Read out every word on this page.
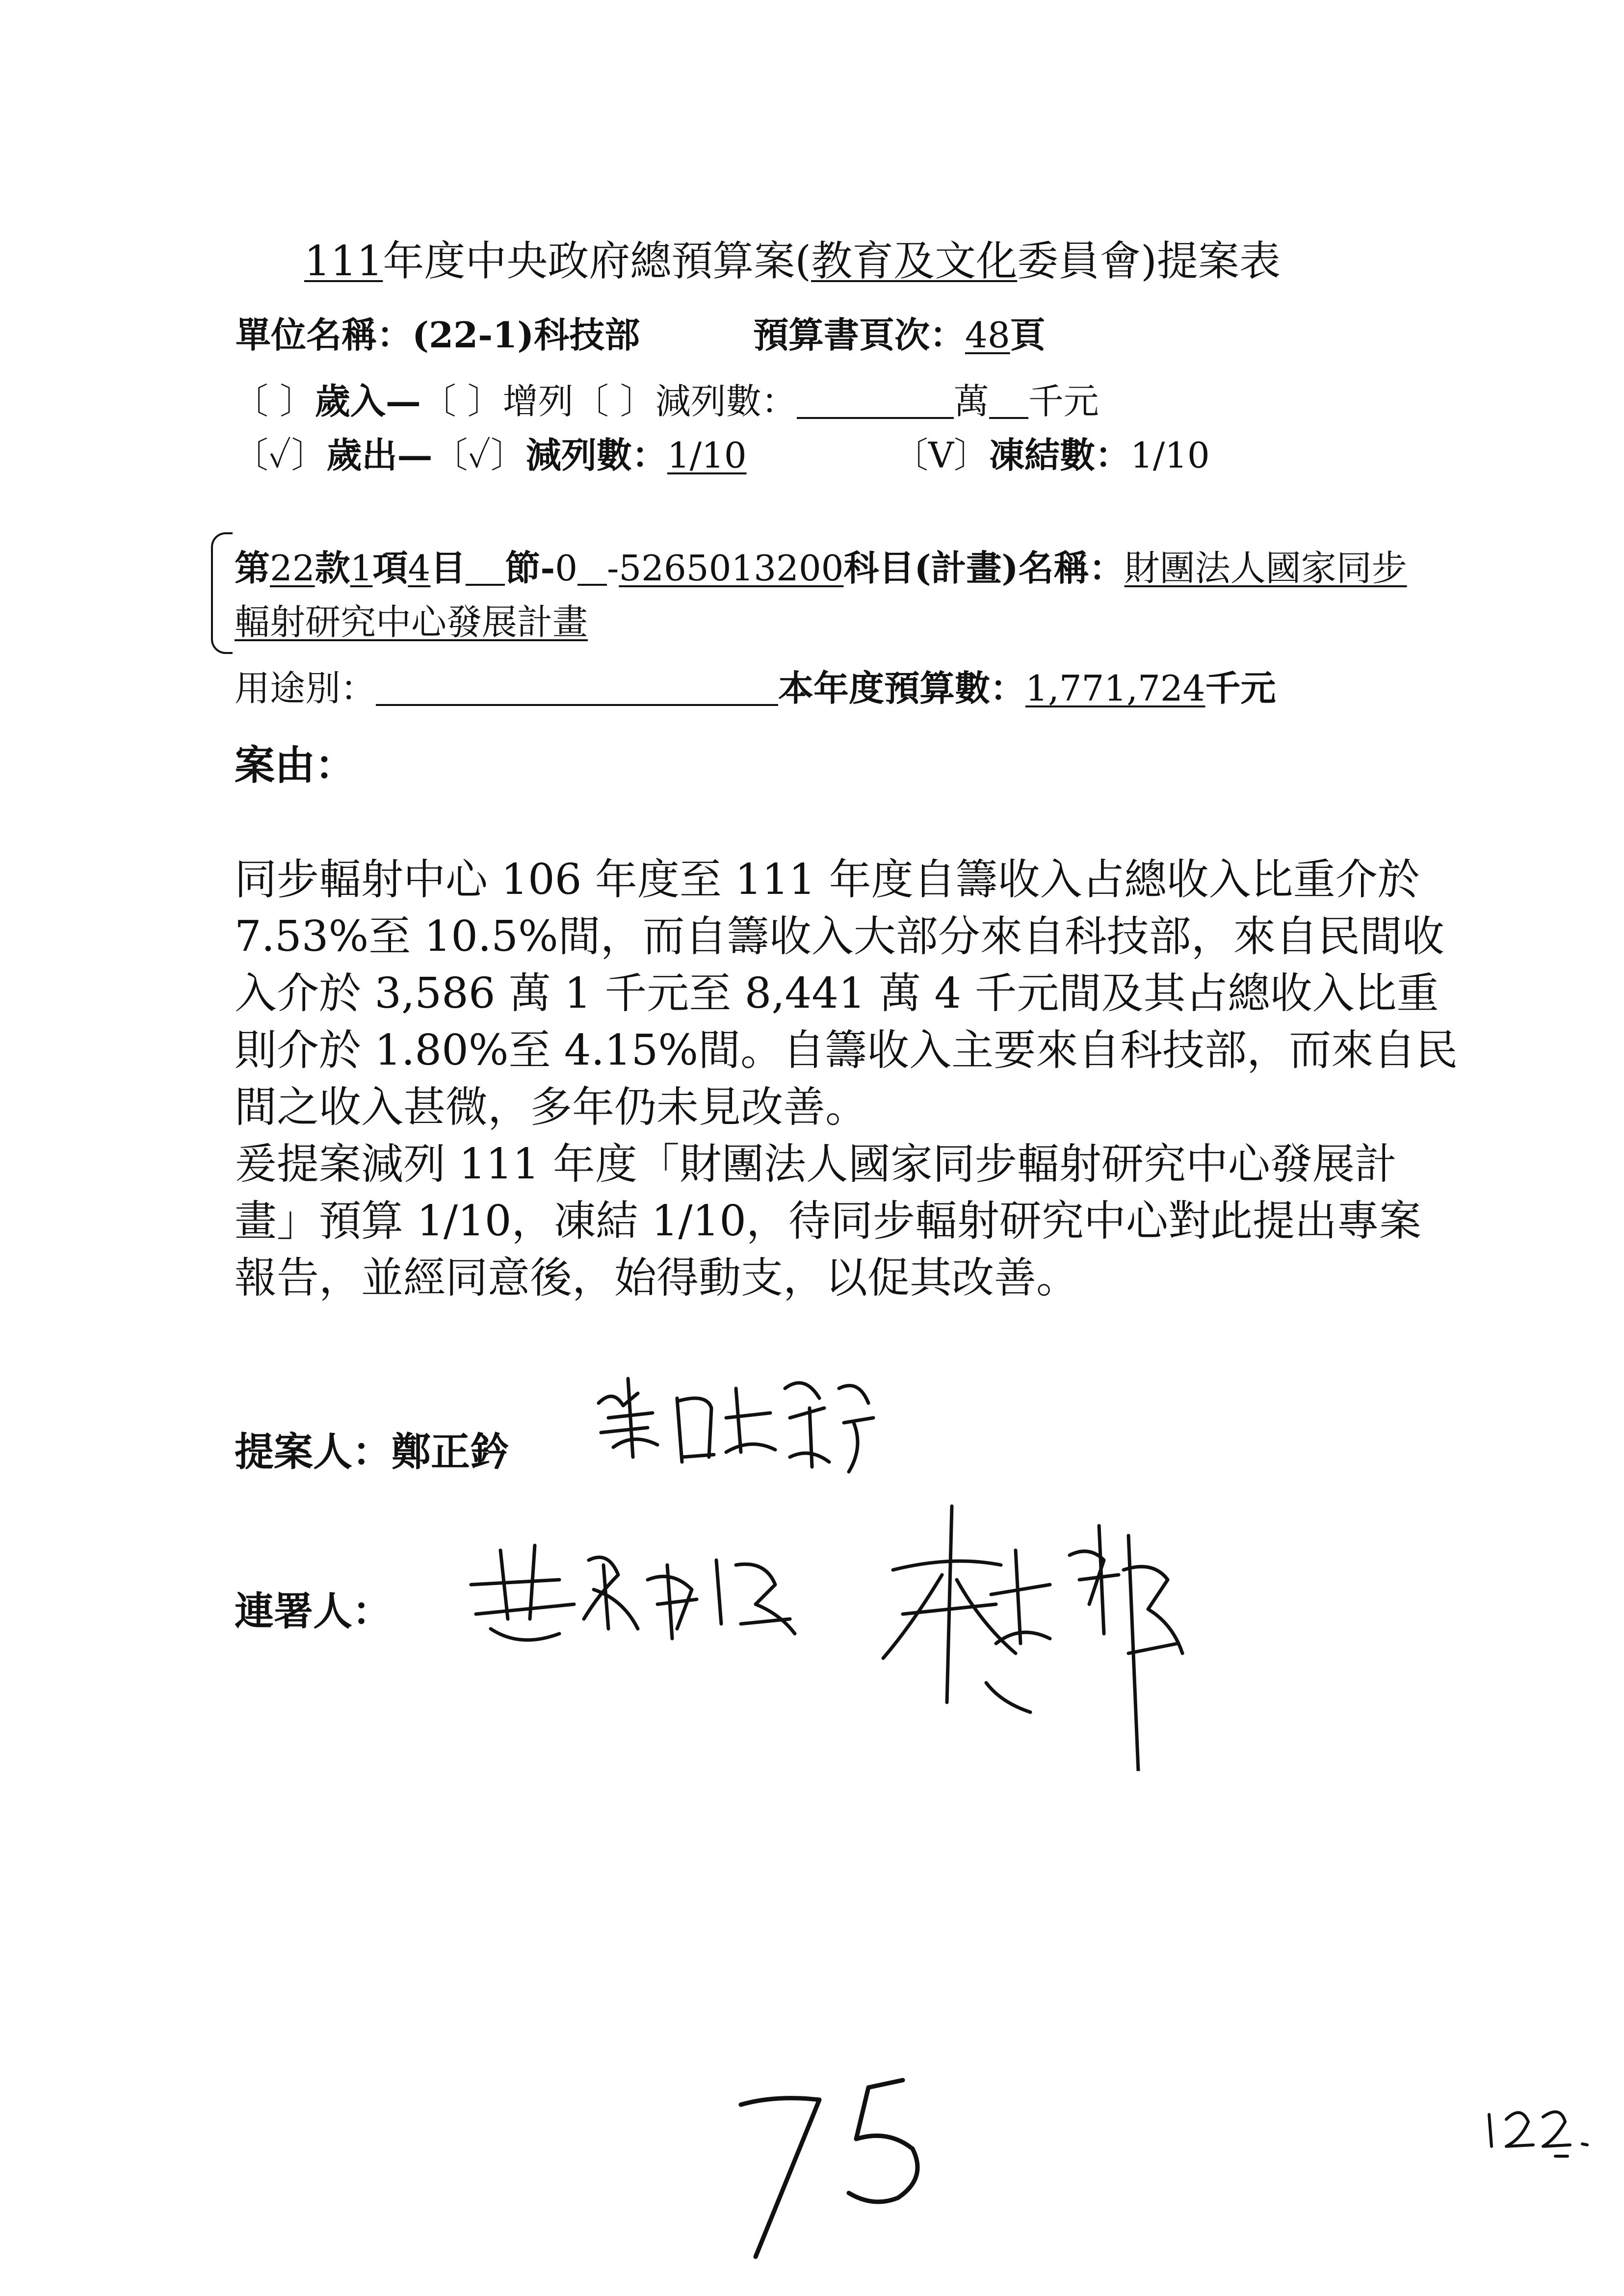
111年度中央政府總預算案(教育及文化委員會)提案表
單位名稱：(22-1)科技部	預算書頁次：48頁
〔 〕歲入—〔 〕增列〔 〕減列數：	萬 千元
〔✓〕歲出—〔✓〕減列數：1/10	〔V〕凍結數：1/10
第22款1項4目 節-0 -5265013200科目(計畫)名稱：財團法人國家同步
輻射研究中心發展計畫
用途別：	本年度預算數：1,771,724千元
案由：

同步輻射中心 106 年度至 111 年度自籌收入占總收入比重介於

7.53%至 10.5%間，而自籌收入大部分來自科技部，來自民間收

入介於 3,586 萬 1 千元至 8,441 萬 4 千元間及其占總收入比重

則介於 1.80%至 4.15%間。自籌收入主要來自科技部，而來自民

間之收入甚微，多年仍未見改善。

爰提案減列 111 年度「財團法人國家同步輻射研究中心發展計

畫」預算 1/10，凍結 1/10，待同步輻射研究中心對此提出專案

報告，並經同意後，始得動支，以促其改善。

提案人：鄭正鈐
連署人：
